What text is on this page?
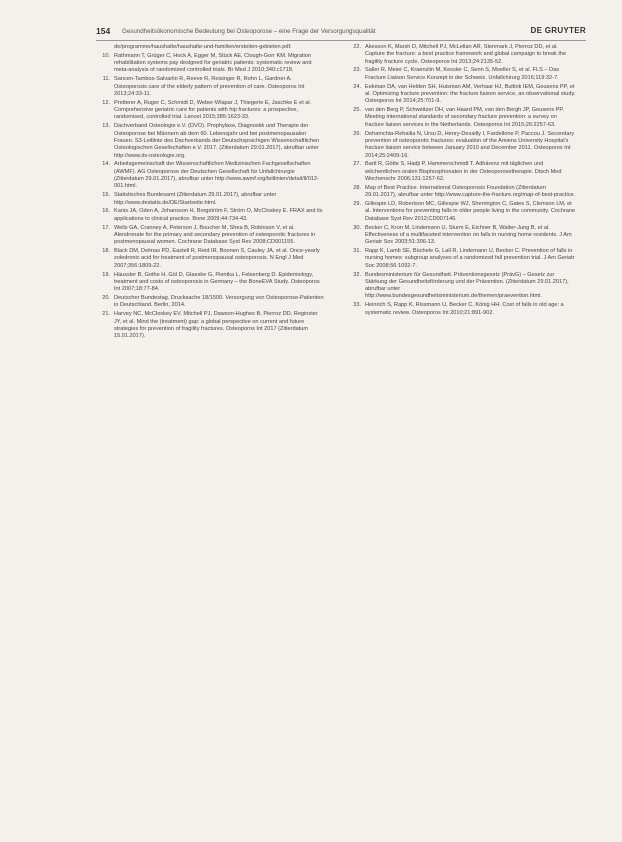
154 Gesundheitsökonomische Bedeutung bei Osteoporose – eine Frage der Versorgungsqualität	DE GRUYTER
de/programme/haushalte/haushalte-und-familien/ersteiten-gebieten.pdf.
10. Rathmann T, Grüger C, Hock A, Egger M, Stück AE, Clough-Gorr KM. Migration rehabilitation systems pay designed for geriatric patients: systematic review and meta-analysis of randomized controlled trials. Br Med J 2010;340:c1718.
11. Sancen-Tambos-Salvarlin R, Reeve R, Reisinger R, Rohn L, Gardner A. Osteoporosis care of the elderly pattern of prevention of care. Osteoporos Int 2013;24:33-11.
12. Pretterer A, Ruger C, Schmidt D, Weber-Wlapar J, Thiegerle E, Jaschke E et al. Comprehensive geriatric care for patients with hip fractures: a prospective, randomised, controlled trial. Lancet 2015;385:1623-33.
13. Dachverband Osteologie e.V. (DVO). Prophylaxe, Diagnostik und Therapie der Osteoporose bei Männern ab dem 60. Lebensjahr und bei postmenopausalen Frauen. S3-Leitlinie des Dachverbands der Deutschsprachigen Wissenschaftlichen Osteologischen Gesellschaften e.V. 2017. (Zitierdatum 29.01.2017), abrufbar unter http://www.dv-osteologie.org.
14. Arbeitsgemeinschaft der Wissenschaftlichen Medizinischen Fachgesellschaften (AWMF). AG Osteoporose der Deutschen Gesellschaft für Unfallchirurgie (Zitierdatum 29.01.2017), abrufbar unter http://www.awmf.org/leitlinien/detail/ll/012-001.html.
15. Statistisches Bundesamt (Zitierdatum 29.01.2017), abrufbar unter http://www.destatis.de/DE/Startseite.html.
16. Kanis JA, Oden A, Johansson H, Borgström F, Ström O, McCloskey E. FRAX and its applications to clinical practice. Bone 2009;44:734-43.
17. Wells GA, Cranney A, Peterson J, Boucher M, Shea B, Robinson V, et al. Alendronate for the primary and secondary prevention of osteoporotic fractures in postmenopausal women. Cochrane Database Syst Rev 2008;CD001155.
18. Black DM, Delmas PD, Eastell R, Reid IR, Boonen S, Cauley JA, et al. Once-yearly zoledronic acid for treatment of postmenopausal osteoporosis. N Engl J Med 2007;356:1809-22.
19. Häussler B, Gothe H, Göl D, Glaeske G, Pientka L, Felsenberg D. Epidemiology, treatment and costs of osteoporosis in Germany – the BoneEVA Study. Osteoporos Int 2007;18:77-84.
20. Deutscher Bundestag. Drucksache 18/1500. Versorgung von Osteoporose-Patienten in Deutschland. Berlin, 2014.
21. Harvey NC, McCloskey EV, Mitchell PJ, Dawson-Hughes B, Pierroz DD, Reginster JY, et al. Mind the (treatment) gap: a global perspective on current and future strategies for prevention of fragility fractures. Osteoporos Int 2017 (Zitierdatum 15.01.2017).
22. Akesson K, Marsh D, Mitchell PJ, McLellan AR, Stenmark J, Pierroz DD, et al. Capture the fracture: a best practice framework and global campaign to break the fragility fracture cycle. Osteoporos Int 2013;24:2135-52.
23. Saller R, Meier C, Kraenzlin M, Kessler C, Senn S, Moeller S, et al. FLS – Das Fracture Liaison Service Konzept in der Schweiz. Unfallchirurg 2016;119:32-7.
24. Eekman DA, van Helden SH, Huisman AM, Verhaar HJ, Bultink IEM, Geusens PP, et al. Optimizing fracture prevention: the fracture liaison service, an observational study. Osteoporos Int 2014;25:701-9.
25. van den Berg P, Schweitzer DH, van Haard PM, van den Bergh JP, Geusens PP. Meeting international standards of secondary fracture prevention: a survey on fracture liaison services in the Netherlands. Osteoporos Int 2015;26:2257-63.
26. Dehamchia-Rehailia N, Ursu D, Henry-Desailly I, Fardellone P, Paccou J. Secondary prevention of osteoporotic fractures: evaluation of the Amiens University Hospital's fracture liaison service between January 2010 and December 2011. Osteoporos Int 2014;25:2409-16.
27. Bartl R, Götte S, Hadji P, Hammerschmidt T. Adhärenz mit täglichen und wöchentlichen oralen Bisphosphonaten in der Osteoporosetherapie. Dtsch Med Wochenschr 2006;131:1257-62.
28. Map of Best Practice. International Osteoporosis Foundation (Zitierdatum 29.01.2017), abrufbar unter http://www.capture-the-fracture.org/map-of-best-practice.
29. Gillespie LD, Robertson MC, Gillespie WJ, Sherrington C, Gates S, Clemson LM, et al. Interventions for preventing falls in older people living in the community. Cochrane Database Syst Rev 2012;CD007146.
30. Becker C, Kron M, Lindemann U, Sturm E, Eichner B, Walter-Jung B, et al. Effectiveness of a multifaceted intervention on falls in nursing home residents. J Am Geriatr Soc 2003;51:306-13.
31. Rapp K, Lamb SE, Büchele G, Lall R, Lindemann U, Becker C. Prevention of falls in nursing homes: subgroup analyses of a randomized fall prevention trial. J Am Geriatr Soc 2008;56:1092-7.
32. Bundesministerium für Gesundheit. Präventionsgesetz (PrävG) – Gesetz zur Stärkung der Gesundheitsförderung und der Prävention. (Zitierdatum 29.01.2017), abrufbar unter http://www.bundesgesundheitsministerium.de/themen/praevention.html.
33. Heinrich S, Rapp K, Rissmann U, Becker C, König HH. Cost of falls in old age: a systematic review. Osteoporos Int 2010;21:891-902.
